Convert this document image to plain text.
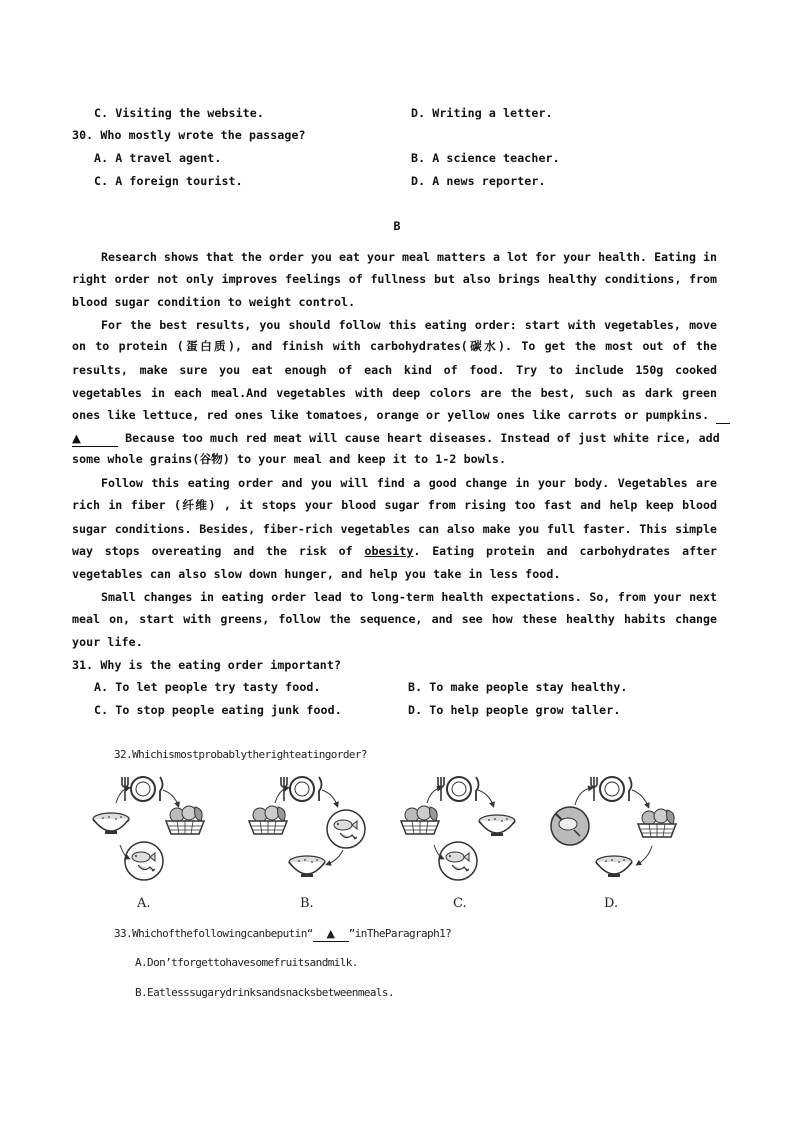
C. Visiting the website.	D. Writing a letter.
30. Who mostly wrote the passage?
A. A travel agent.	B. A science teacher.
C. A foreign tourist.	D. A news reporter.
B
Research shows that the order you eat your meal matters a lot for your health. Eating in
right order not only improves feelings of fullness but also brings healthy conditions, from
blood sugar condition to weight control.
For the best results, you should follow this eating order: start with vegetables, move
on to protein (蛋白质), and finish with carbohydrates(碳水). To get the most out of the
results, make sure you eat enough of each kind of food. Try to include 150g cooked
vegetables in each meal.And vegetables with deep colors are the best, such as dark green
ones like lettuce, red ones like tomatoes, orange or yellow ones like carrots or pumpkins.
▲	Because too much red meat will cause heart diseases. Instead of just white rice, add
some whole grains(谷物) to your meal and keep it to 1-2 bowls.
Follow this eating order and you will find a good change in your body. Vegetables are
rich in fiber (纤维) , it stops your blood sugar from rising too fast and help keep blood
sugar conditions. Besides, fiber-rich vegetables can also make you full faster. This simple
way stops overeating and the risk of obesity. Eating protein and carbohydrates after
vegetables can also slow down hunger, and help you take in less food.
Small changes in eating order lead to long-term health expectations. So, from your next
meal on, start with greens, follow the sequence, and see how these healthy habits change
your life.
31. Why is the eating order important?
A. To let people try tasty food.	B. To make people stay healthy.
C. To stop people eating junk food.	D. To help people grow taller.
32.Whichismostprobablytherighteatingorder?
A.	B.	C.	D.
33.Whichofthefollowingcanbeputin“ ▲ ”inTheParagraph1?
A.Don’tforgettohavesomefruitsandmilk.
B.Eatlesssugarydrinksandsnacksbetweenmeals.
